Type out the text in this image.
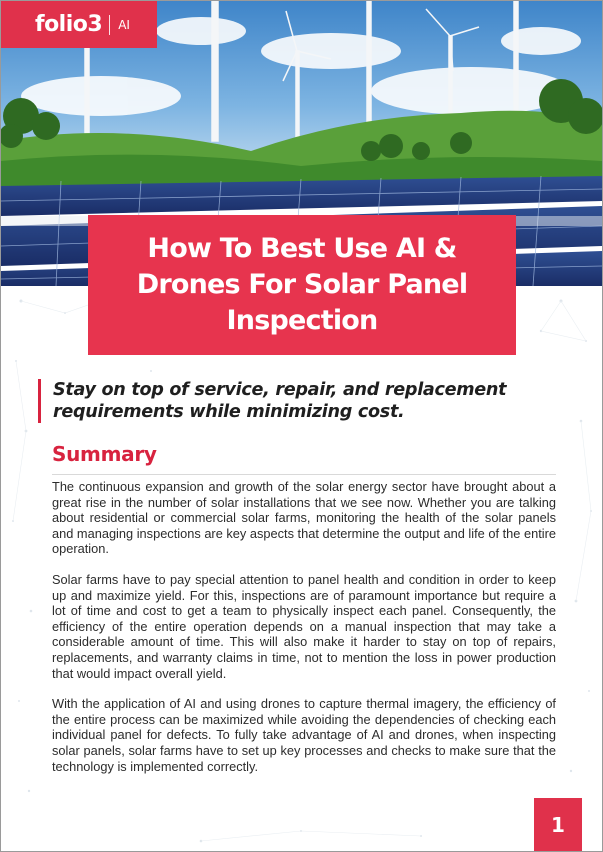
folio3 AI
How To Best Use AI &
Drones For Solar Panel
Inspection
Stay on top of service, repair, and replacement
requirements while minimizing cost.
Summary

The continuous expansion and growth of the solar energy sector have brought about a great rise in the number of solar installations that we see now. Whether you are talking about residential or commercial solar farms, monitoring the health of the solar panels and managing inspections are key aspects that determine the output and life of the entire operation.

Solar farms have to pay special attention to panel health and condition in order to keep up and maximize yield. For this, inspections are of paramount importance but require a lot of time and cost to get a team to physically inspect each panel. Consequently, the efficiency of the entire operation depends on a manual inspection that may take a considerable amount of time. This will also make it harder to stay on top of repairs, replacements, and warranty claims in time, not to mention the loss in power production that would impact overall yield.

With the application of AI and using drones to capture thermal imagery, the efficiency of the entire process can be maximized while avoiding the dependencies of checking each individual panel for defects. To fully take advantage of AI and drones, when inspecting solar panels, solar farms have to set up key processes and checks to make sure that the technology is implemented correctly.

1
